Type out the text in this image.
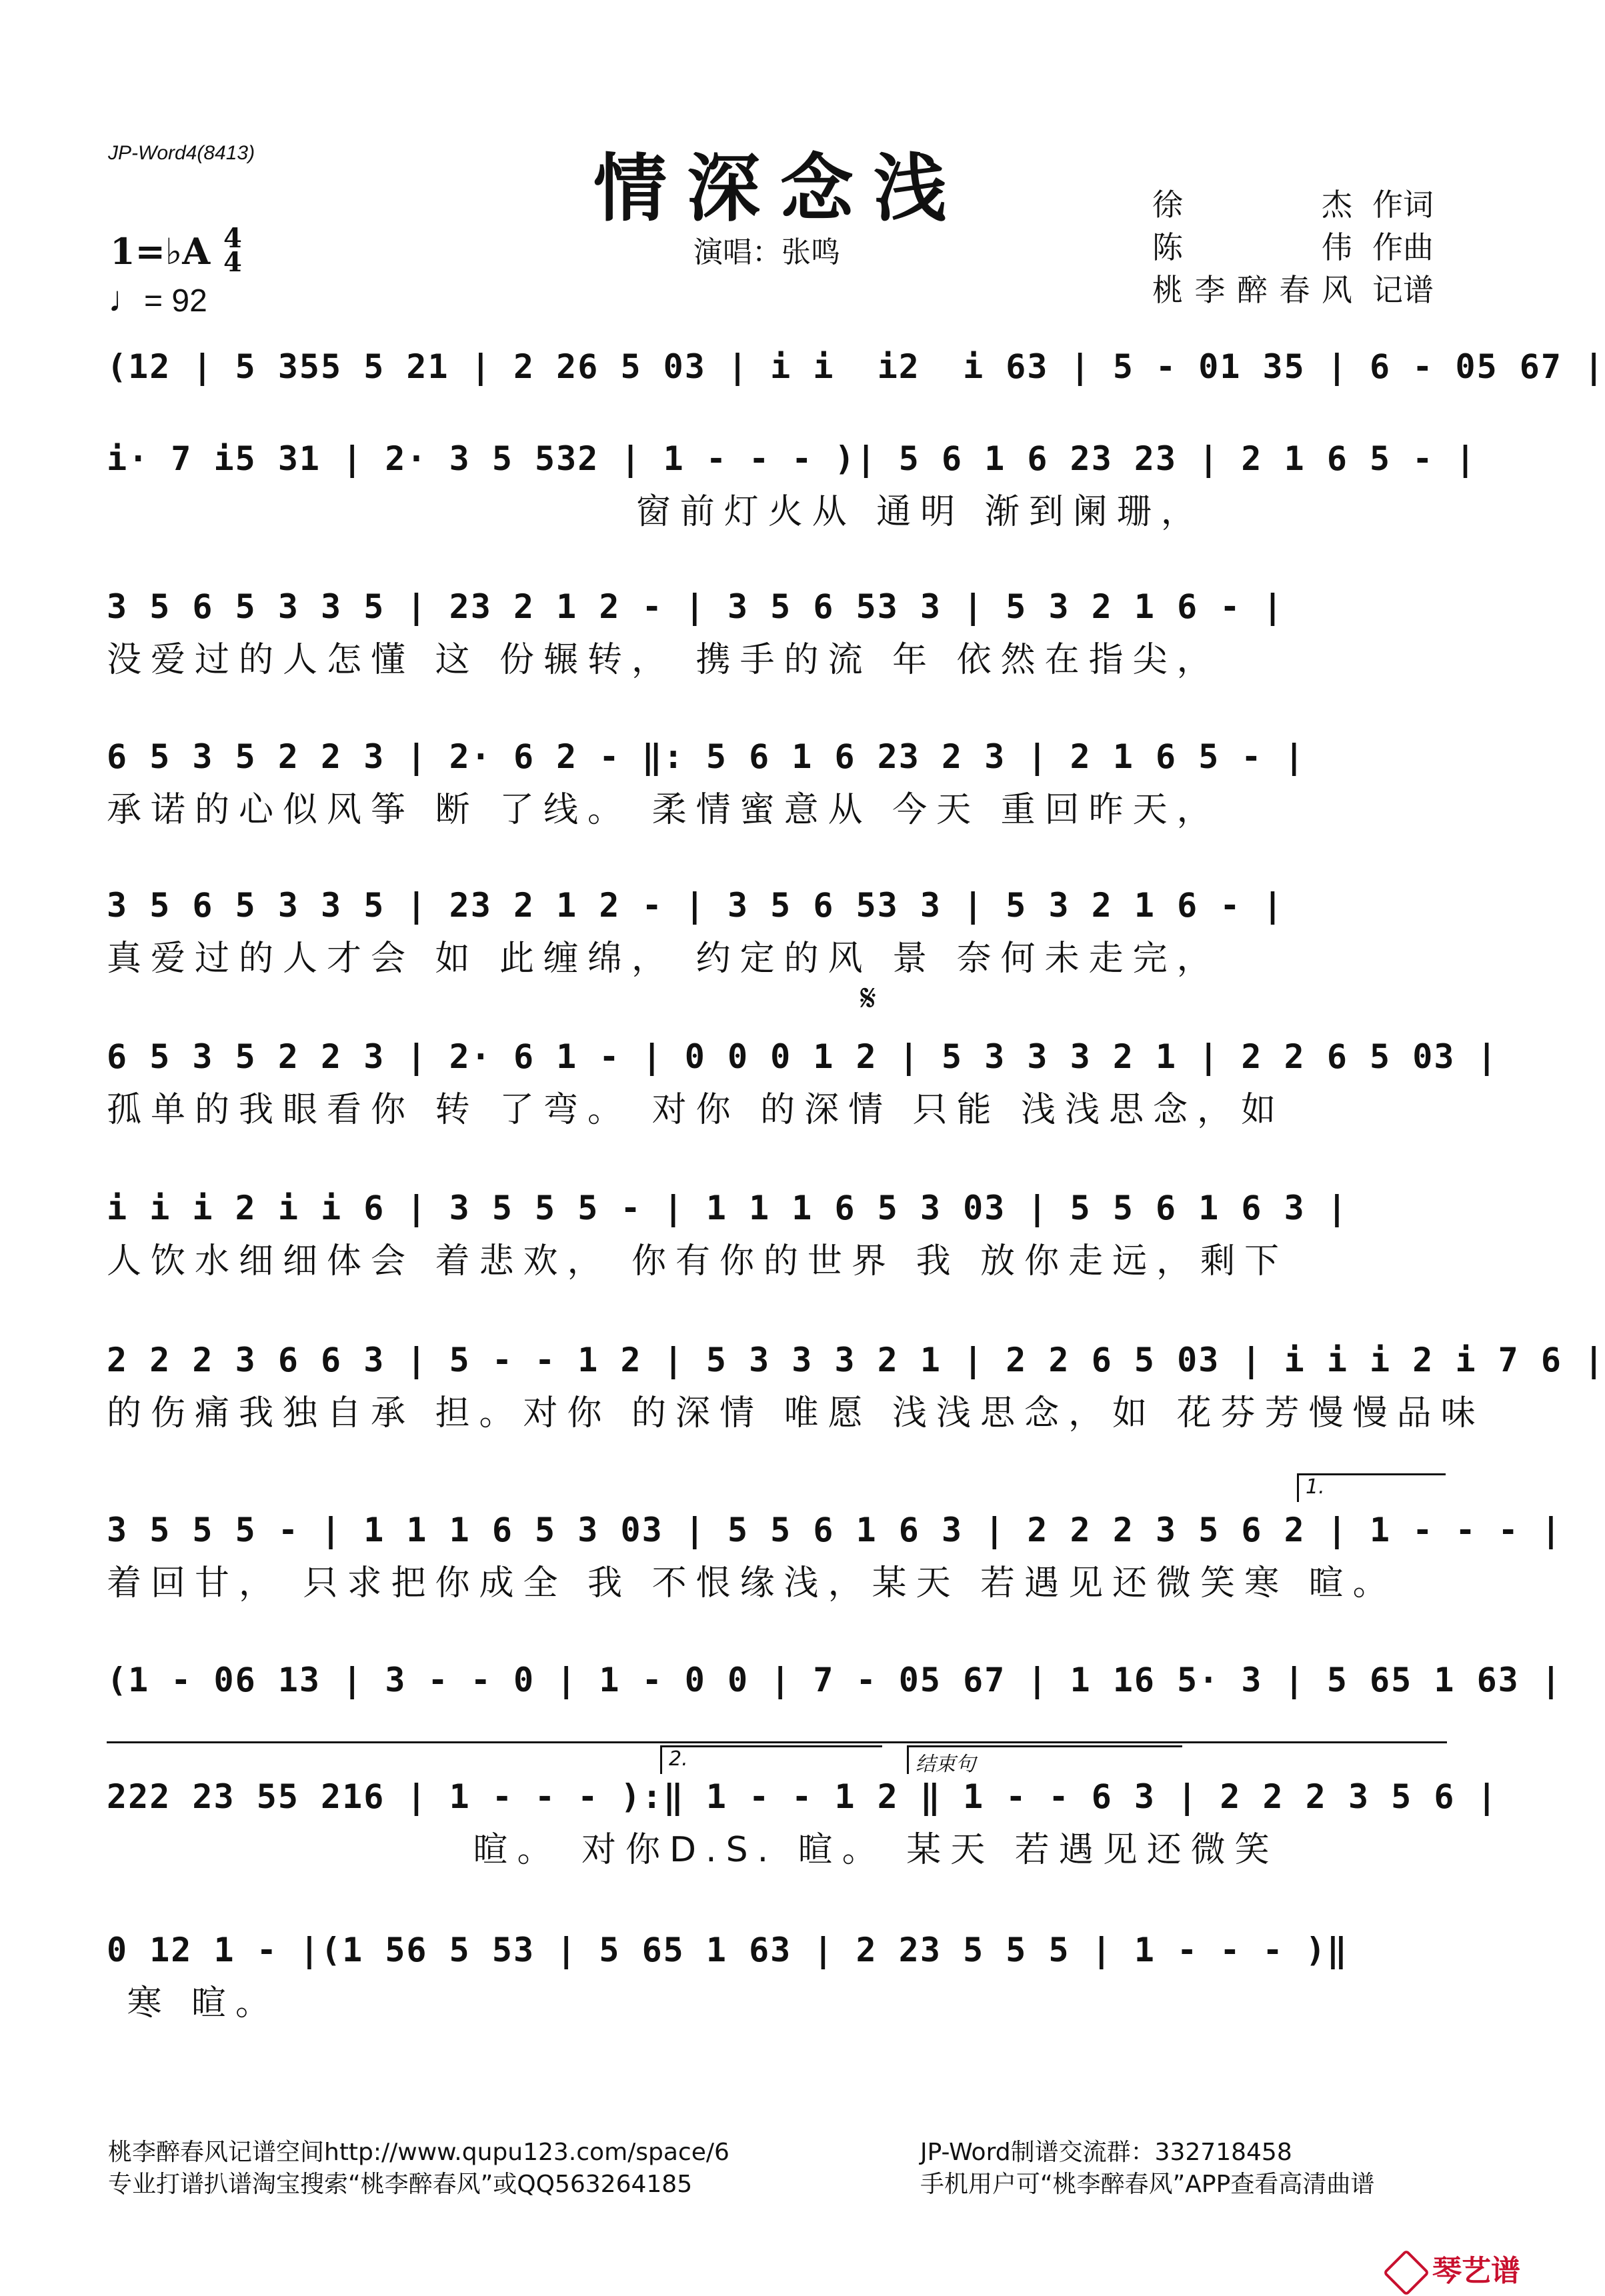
JP-Word4(8413)	情深念浅
演唱：张鸣
徐杰 作词
陈伟 作曲
桃李醉春风 记谱
1=♭A 4
4
♩= 92
(12 | 5 355 5 21 | 2 26 5 03 | i i  i2  i 63 | 5 - 01 35 | 6 - 05 67 |
i· 7 i5 31 | 2· 3 5 532 | 1 - - - )| 5 6 1 6 23 23 | 2 1 6 5 - |
窗前灯火从 通明 渐到阑珊，
3 5 6 5 3 3 5 | 23 2 1 2 - | 3 5 6 53 3 | 5 3 2 1 6 - |
没爱过的人怎懂 这 份辗转， 携手的流 年 依然在指尖，
6 5 3 5 2 2 3 | 2· 6 2 - ‖: 5 6 1 6 23 2 3 | 2 1 6 5 - |
承诺的心似风筝 断 了线。 柔情蜜意从 今天 重回昨天，
3 5 6 5 3 3 5 | 23 2 1 2 - | 3 5 6 53 3 | 5 3 2 1 6 - |
真爱过的人才会 如 此缠绵， 约定的风 景 奈何未走完，
𝄋
6 5 3 5 2 2 3 | 2· 6 1 - | 0 0 0 1 2 | 5 3 3 3 2 1 | 2 2 6 5 03 |
孤单的我眼看你 转 了弯。 对你 的深情 只能 浅浅思念，如
i i i 2 i i 6 | 3 5 5 5 - | 1 1 1 6 5 3 03 | 5 5 6 1 6 3 |
人饮水细细体会 着悲欢， 你有你的世界 我 放你走远，剩下
2 2 2 3 6 6 3 | 5 - - 1 2 | 5 3 3 3 2 1 | 2 2 6 5 03 | i i i 2 i 7 6 |
的伤痛我独自承 担。对你 的深情 唯愿 浅浅思念，如 花芬芳慢慢品味
1.
3 5 5 5 - | 1 1 1 6 5 3 03 | 5 5 6 1 6 3 | 2 2 2 3 5 6 2 | 1 - - - |
着回甘， 只求把你成全 我 不恨缘浅，某天 若遇见还微笑寒 暄。
(1 - 06 13 | 3 - - 0 | 1 - 0 0 | 7 - 05 67 | 1 16 5· 3 | 5 65 1 63 |
2.	结束句
222 23 55 216 | 1 - - - ):‖ 1 - - 1 2 ‖ 1 - - 6 3 | 2 2 2 3 5 6 |
暄。 对你D.S. 暄。 某天 若遇见还微笑
0 12 1 - |(1 56 5 53 | 5 65 1 63 | 2 23 5 5 5 | 1 - - - )‖
寒 暄。
桃李醉春风记谱空间http://www.qupu123.com/space/6
专业打谱扒谱淘宝搜索“桃李醉春风”或QQ563264185
JP-Word制谱交流群：332718458
手机用户可“桃李醉春风”APP查看高清曲谱
琴艺谱
